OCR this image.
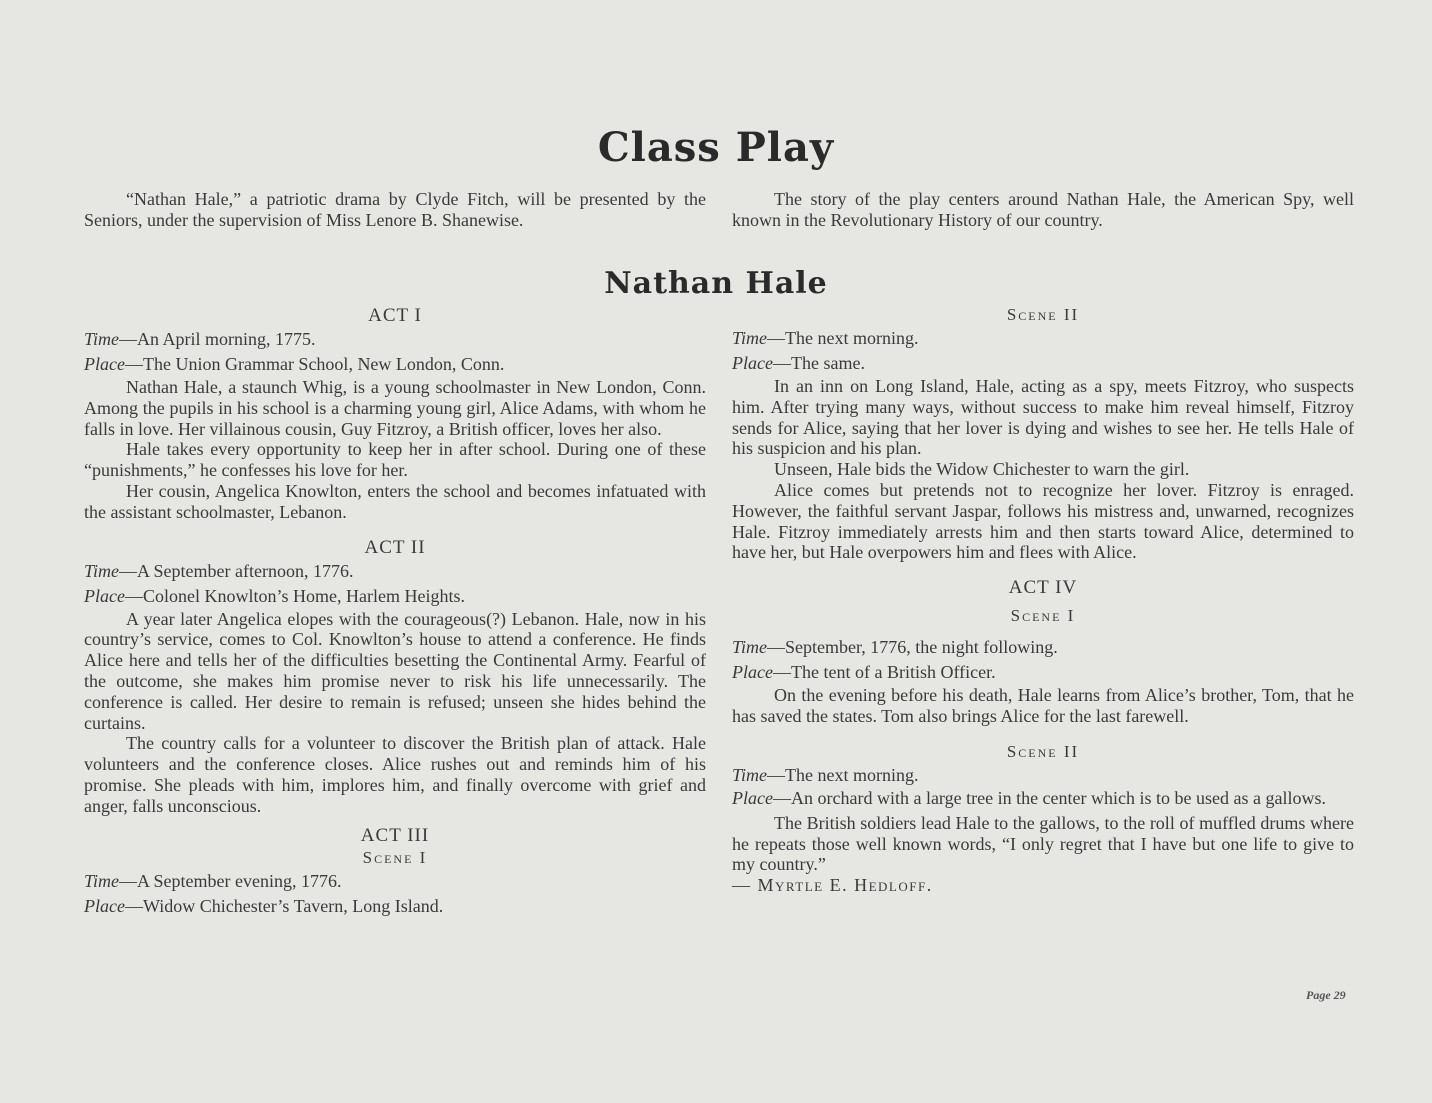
Class Play

“Nathan Hale,” a patriotic drama by Clyde Fitch, will be presented by the Seniors, under the supervision of Miss Lenore B. Shanewise.

The story of the play centers around Nathan Hale, the American Spy, well known in the Revolutionary History of our country.

Nathan Hale
ACT I

Time—An April morning, 1775.

Place—The Union Grammar School, New London, Conn.

Nathan Hale, a staunch Whig, is a young schoolmaster in New London, Conn. Among the pupils in his school is a charming young girl, Alice Adams, with whom he falls in love. Her villainous cousin, Guy Fitzroy, a British officer, loves her also.

Hale takes every opportunity to keep her in after school. During one of these “punishments,” he confesses his love for her.

Her cousin, Angelica Knowlton, enters the school and becomes infatuated with the assistant schoolmaster, Lebanon.

ACT II

Time—A September afternoon, 1776.

Place—Colonel Knowlton’s Home, Harlem Heights.

A year later Angelica elopes with the courageous(?) Lebanon. Hale, now in his country’s service, comes to Col. Knowlton’s house to attend a conference. He finds Alice here and tells her of the difficulties besetting the Continental Army. Fearful of the outcome, she makes him promise never to risk his life unnecessarily. The conference is called. Her desire to remain is refused; unseen she hides behind the curtains.

The country calls for a volunteer to discover the British plan of attack. Hale volunteers and the conference closes. Alice rushes out and reminds him of his promise. She pleads with him, implores him, and finally overcome with grief and anger, falls unconscious.

ACT III
Scene I

Time—A September evening, 1776.

Place—Widow Chichester’s Tavern, Long Island.

Scene II

Time—The next morning.

Place—The same.

In an inn on Long Island, Hale, acting as a spy, meets Fitzroy, who suspects him. After trying many ways, without success to make him reveal himself, Fitzroy sends for Alice, saying that her lover is dying and wishes to see her. He tells Hale of his suspicion and his plan.

Unseen, Hale bids the Widow Chichester to warn the girl.

Alice comes but pretends not to recognize her lover. Fitzroy is enraged. However, the faithful servant Jaspar, follows his mistress and, unwarned, recognizes Hale. Fitzroy immediately arrests him and then starts toward Alice, determined to have her, but Hale overpowers him and flees with Alice.

ACT IV
Scene I

Time—September, 1776, the night following.

Place—The tent of a British Officer.

On the evening before his death, Hale learns from Alice’s brother, Tom, that he has saved the states. Tom also brings Alice for the last farewell.

Scene II

Time—The next morning.

Place—An orchard with a large tree in the center which is to be used as a gallows.

The British soldiers lead Hale to the gallows, to the roll of muffled drums where he repeats those well known words, “I only regret that I have but one life to give to my country.”

— Myrtle E. Hedloff.

Page 29
